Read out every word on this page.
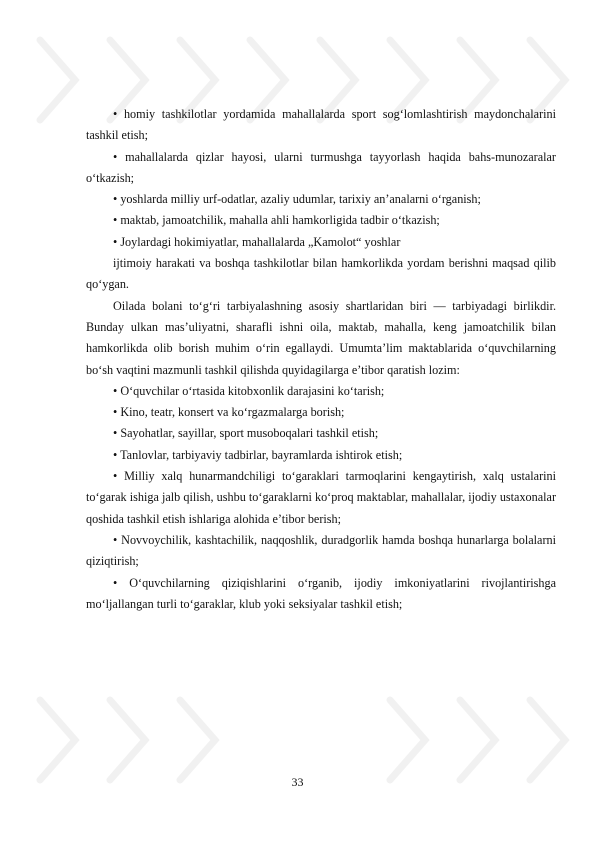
• homiy tashkilotlar yordamida mahallalarda sport sog‘lomlashtirish maydonchalarini tashkil etish;

• mahallalarda qizlar hayosi, ularni turmushga tayyorlash haqida bahs-munozaralar o‘tkazish;

• yoshlarda milliy urf-odatlar, azaliy udumlar, tarixiy an’analarni o‘rganish;

• maktab, jamoatchilik, mahalla ahli hamkorligida tadbir o‘tkazish;

• Joylardagi hokimiyatlar, mahallalarda „Kamolot“ yoshlar

ijtimoiy harakati va boshqa tashkilotlar bilan hamkorlikda yordam berishni maqsad qilib qo‘ygan.

Oilada bolani to‘g‘ri tarbiyalashning asosiy shartlaridan biri — tarbiyadagi birlikdir. Bunday ulkan mas’uliyatni, sharafli ishni oila, maktab, mahalla, keng jamoatchilik bilan hamkorlikda olib borish muhim o‘rin egallaydi. Umumta’lim maktablarida o‘quvchilarning bo‘sh vaqtini mazmunli tashkil qilishda quyidagilarga e’tibor qaratish lozim:

• O‘quvchilar o‘rtasida kitobxonlik darajasini ko‘tarish;

• Kino, teatr, konsert va ko‘rgazmalarga borish;

• Sayohatlar, sayillar, sport musoboqalari tashkil etish;

• Tanlovlar, tarbiyaviy tadbirlar, bayramlarda ishtirok etish;

• Milliy xalq hunarmandchiligi to‘garaklari tarmoqlarini kengaytirish, xalq ustalarini to‘garak ishiga jalb qilish, ushbu to‘garaklarni ko‘proq maktablar, mahallalar, ijodiy ustaxonalar qoshida tashkil etish ishlariga alohida e’tibor berish;

• Novvoychilik, kashtachilik, naqqoshlik, duradgorlik hamda boshqa hunarlarga bolalarni qiziqtirish;

• O‘quvchilarning qiziqishlarini o‘rganib, ijodiy imkoniyatlarini rivojlantirishga mo‘ljallangan turli to‘garaklar, klub yoki seksiyalar tashkil etish;

33
